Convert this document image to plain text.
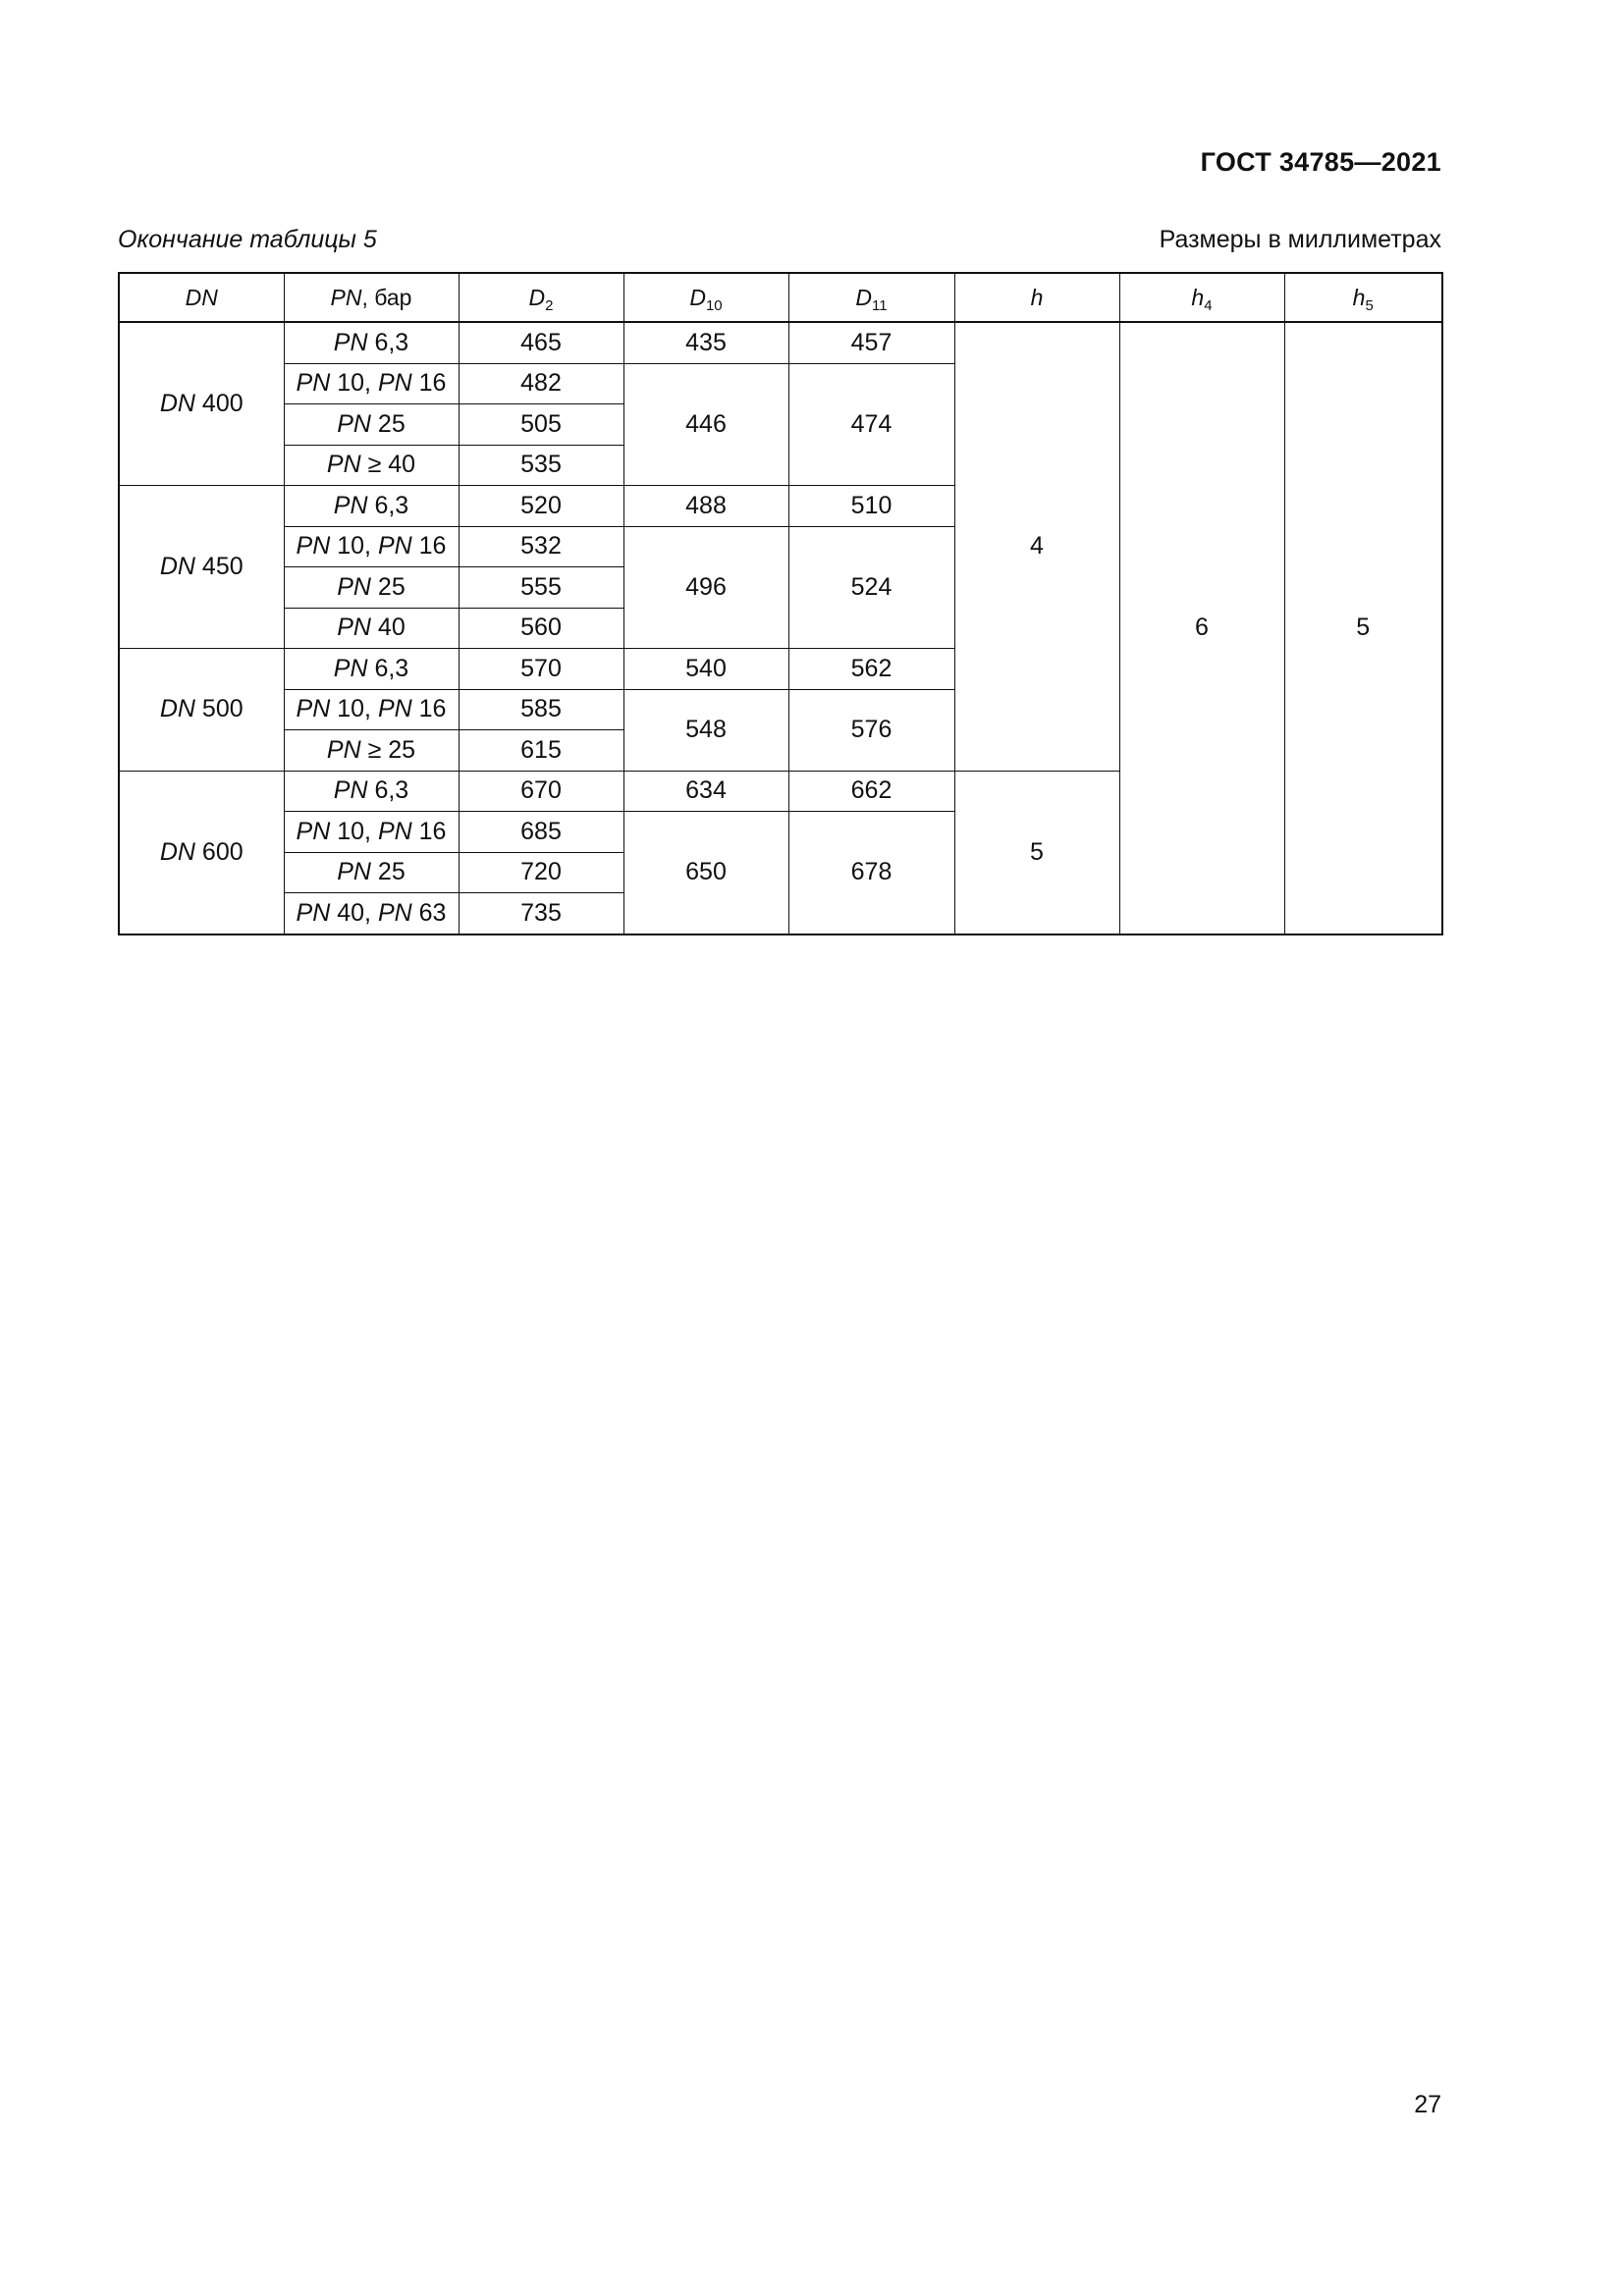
ГОСТ 34785—2021
Окончание таблицы 5	Размеры в миллиметрах
DN	PN, бар	$D_2$	$D_{10}$	$D_{11}$	h	$h_4$	$h_5$
DN 400	PN 6,3	465	435	457	4	6	5
	PN 10, PN 16	482	446	474			
	PN 25	505					
	PN ≥ 40	535					
DN 450	PN 6,3	520	488	510			
	PN 10, PN 16	532	496	524			
	PN 25	555					
	PN 40	560					
DN 500	PN 6,3	570	540	562			
	PN 10, PN 16	585	548	576			
	PN ≥ 25	615					
DN 600	PN 6,3	670	634	662	5		
	PN 10, PN 16	685	650	678			
	PN 25	720					
	PN 40, PN 63	735					
27
